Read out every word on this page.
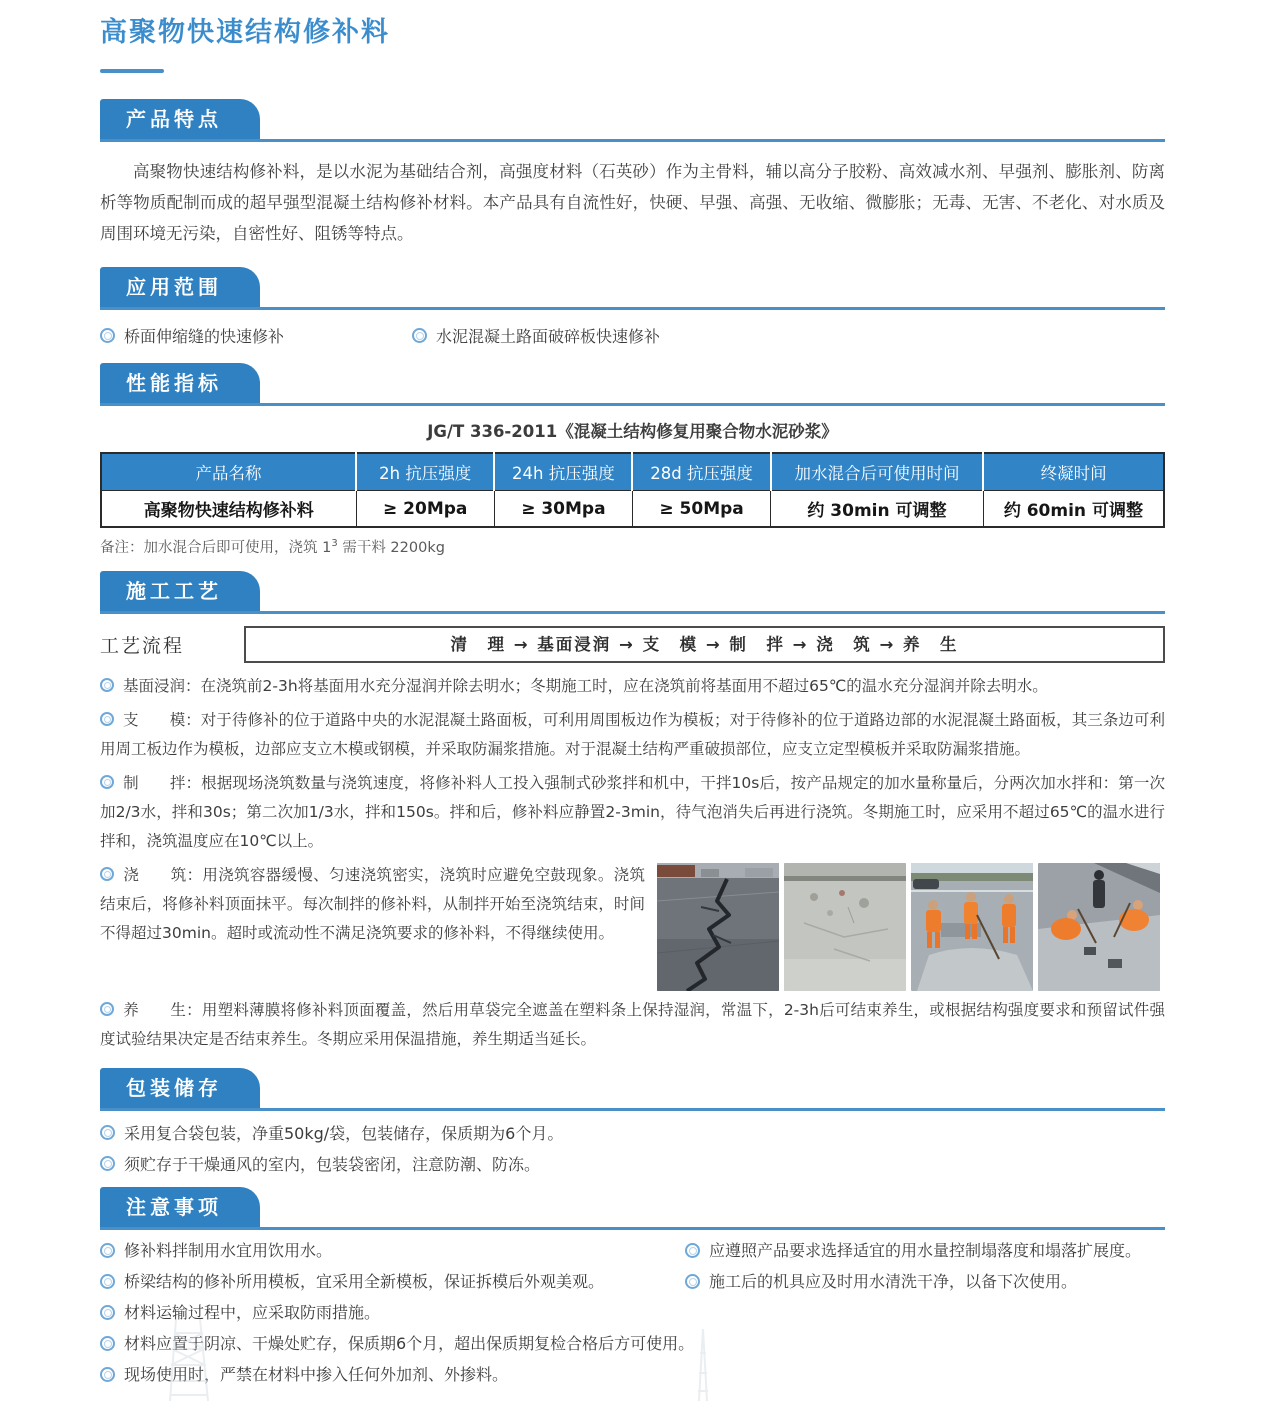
高聚物快速结构修补料
产品特点

高聚物快速结构修补料，是以水泥为基础结合剂，高强度材料（石英砂）作为主骨料，辅以高分子胶粉、高效减水剂、早强剂、膨胀剂、防离析等物质配制而成的超早强型混凝土结构修补材料。本产品具有自流性好，快硬、早强、高强、无收缩、微膨胀；无毒、无害、不老化、对水质及周围环境无污染，自密性好、阻锈等特点。

应用范围
桥面伸缩缝的快速修补	水泥混凝土路面破碎板快速修补
性能指标

JG/T 336-2011《混凝土结构修复用聚合物水泥砂浆》

产品名称	2h 抗压强度	24h 抗压强度	28d 抗压强度	加水混合后可使用时间	终凝时间
高聚物快速结构修补料	≥ 20Mpa	≥ 30Mpa	≥ 50Mpa	约 30min 可调整	约 60min 可调整

备注：加水混合后即可使用，浇筑 $1^3$ 需干料 2200kg

施工工艺
工艺流程	清　理 → 基面浸润 → 支　模 → 制　拌 → 浇　筑 → 养　生

基面浸润：在浇筑前2-3h将基面用水充分湿润并除去明水；冬期施工时，应在浇筑前将基面用不超过65℃的温水充分湿润并除去明水。

支　　模：对于待修补的位于道路中央的水泥混凝土路面板，可利用周围板边作为模板；对于待修补的位于道路边部的水泥混凝土路面板，其三条边可利用周工板边作为模板，边部应支立木模或钢模，并采取防漏浆措施。对于混凝土结构严重破损部位，应支立定型模板并采取防漏浆措施。

制　　拌：根据现场浇筑数量与浇筑速度，将修补料人工投入强制式砂浆拌和机中，干拌10s后，按产品规定的加水量称量后，分两次加水拌和：第一次加2/3水，拌和30s；第二次加1/3水，拌和150s。拌和后，修补料应静置2-3min，待气泡消失后再进行浇筑。冬期施工时，应采用不超过65℃的温水进行拌和，浇筑温度应在10℃以上。

浇　　筑：用浇筑容器缓慢、匀速浇筑密实，浇筑时应避免空鼓现象。浇筑结束后，将修补料顶面抹平。每次制拌的修补料，从制拌开始至浇筑结束，时间不得超过30min。超时或流动性不满足浇筑要求的修补料，不得继续使用。

养　　生：用塑料薄膜将修补料顶面覆盖，然后用草袋完全遮盖在塑料条上保持湿润，常温下，2-3h后可结束养生，或根据结构强度要求和预留试件强度试验结果决定是否结束养生。冬期应采用保温措施，养生期适当延长。

包装储存
采用复合袋包装，净重50kg/袋，包装储存，保质期为6个月。
须贮存于干燥通风的室内，包装袋密闭，注意防潮、防冻。
注意事项
修补料拌制用水宜用饮用水。	应遵照产品要求选择适宜的用水量控制塌落度和塌落扩展度。
桥梁结构的修补所用模板，宜采用全新模板，保证拆模后外观美观。	施工后的机具应及时用水清洗干净，以备下次使用。
材料运输过程中，应采取防雨措施。
材料应置于阴凉、干燥处贮存，保质期6个月，超出保质期复检合格后方可使用。
现场使用时，严禁在材料中掺入任何外加剂、外掺料。
